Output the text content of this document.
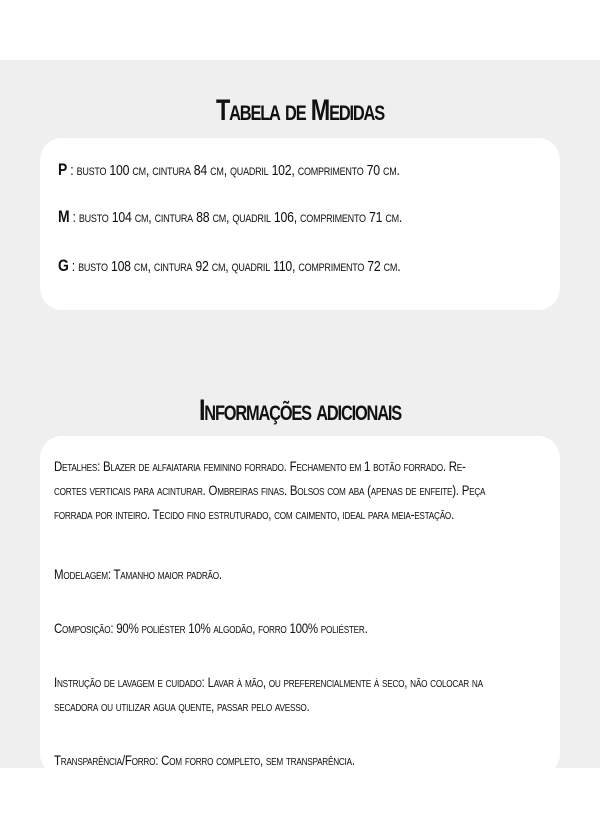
Tabela de Medidas
P : busto 100 cm, cintura 84 cm, quadril 102, comprimento 70 cm.
M : busto 104 cm, cintura 88 cm, quadril 106, comprimento 71 cm.
G : busto 108 cm, cintura 92 cm, quadril 110, comprimento 72 cm.
Informações adicionais
Detalhes: Blazer de alfaiataria feminino forrado. Fechamento em 1 botão forrado. Re-
cortes verticais para acinturar. Ombreiras finas. Bolsos com aba (apenas de enfeite). Peça
forrada por inteiro. Tecido fino estruturado, com caimento, ideal para meia-estação.
Modelagem: Tamanho maior padrão.
Composição: 90% poliéster 10% algodão, forro 100% poliéster.
Instrução de lavagem e cuidado: Lavar à mão, ou preferencialmente à seco, não colocar na
secadora ou utilizar agua quente, passar pelo avesso.
Transparência/Forro: Com forro completo, sem transparência.
